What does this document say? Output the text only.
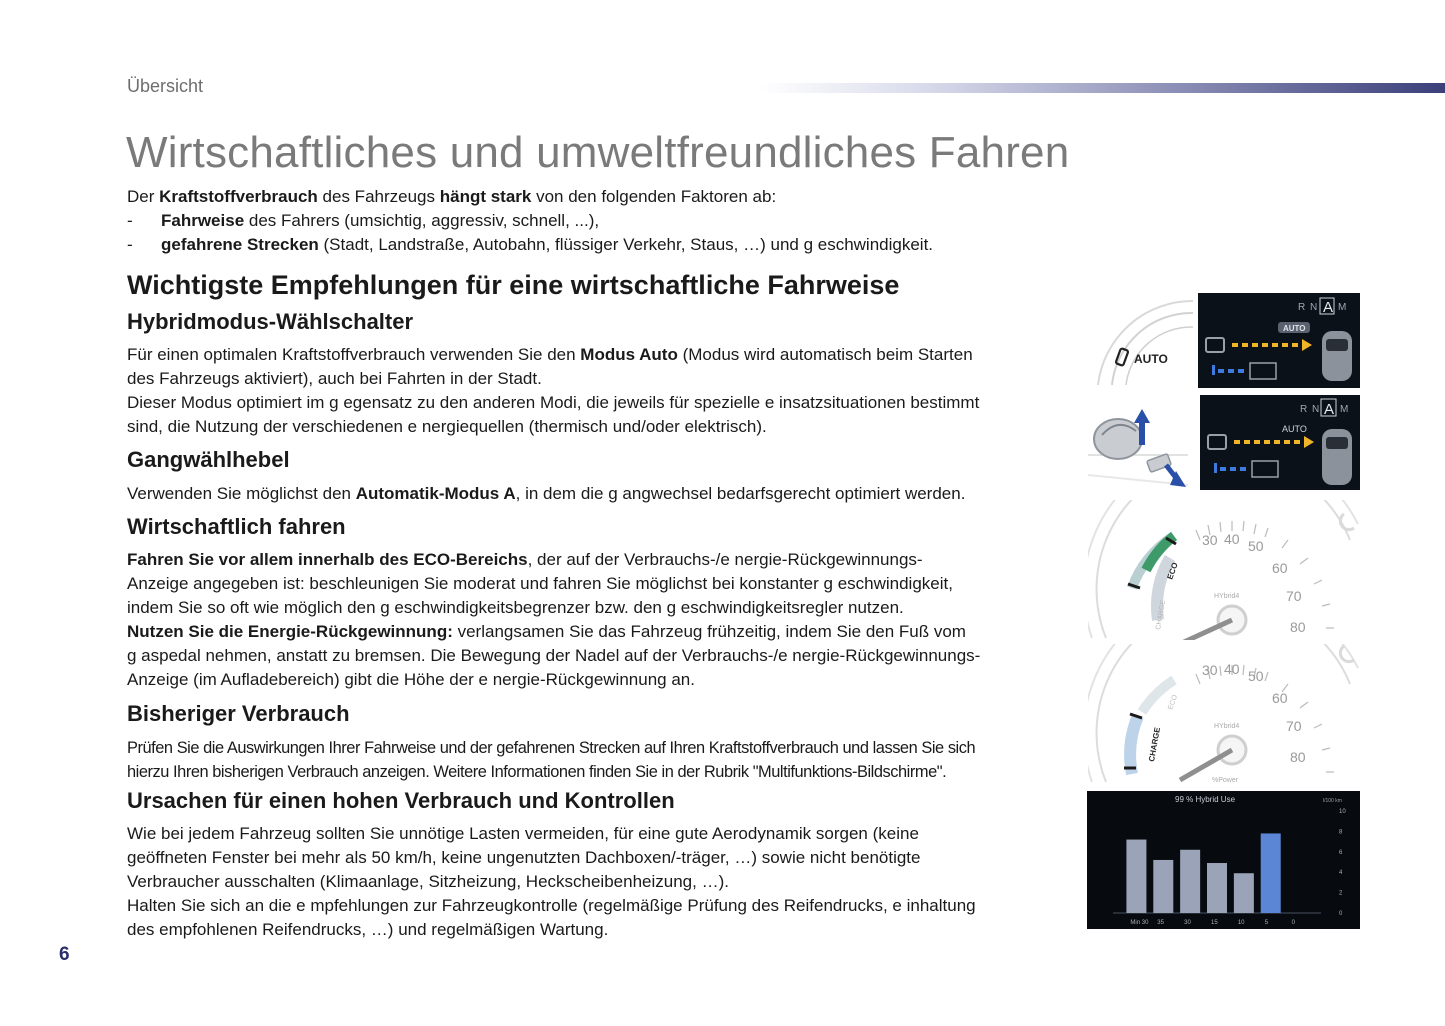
Übersicht
Wirtschaftliches und umweltfreundliches Fahren

Der Kraftstoffverbrauch des Fahrzeugs hängt stark von den folgenden Faktoren ab:

-	Fahrweise des Fahrers (umsichtig, aggressiv, schnell, ...),
-	gefahrene Strecken (Stadt, Landstraße, Autobahn, flüssiger Verkehr, Staus, …) und g eschwindigkeit.
Wichtigste Empfehlungen für eine wirtschaftliche Fahrweise
Hybridmodus-Wählschalter

Für einen optimalen Kraftstoffverbrauch verwenden Sie den Modus Auto (Modus wird automatisch beim Starten

des Fahrzeugs aktiviert), auch bei Fahrten in der Stadt.

Dieser Modus optimiert im g egensatz zu den anderen Modi, die jeweils für spezielle e insatzsituationen bestimmt

sind, die Nutzung der verschiedenen e nergiequellen (thermisch und/oder elektrisch).

Gangwählhebel

Verwenden Sie möglichst den Automatik-Modus A, in dem die g angwechsel bedarfsgerecht optimiert werden.

Wirtschaftlich fahren

Fahren Sie vor allem innerhalb des ECO-Bereichs, der auf der Verbrauchs-/e nergie-Rückgewinnungs-

Anzeige angegeben ist: beschleunigen Sie moderat und fahren Sie möglichst bei konstanter g eschwindigkeit,

indem Sie so oft wie möglich den g eschwindigkeitsbegrenzer bzw. den g eschwindigkeitsregler nutzen.

Nutzen Sie die Energie-Rückgewinnung: verlangsamen Sie das Fahrzeug frühzeitig, indem Sie den Fuß vom

g aspedal nehmen, anstatt zu bremsen. Die Bewegung der Nadel auf der Verbrauchs-/e nergie-Rückgewinnungs-

Anzeige (im Aufladebereich) gibt die Höhe der e nergie-Rückgewinnung an.

Bisheriger Verbrauch

Prüfen Sie die Auswirkungen Ihrer Fahrweise und der gefahrenen Strecken auf Ihren Kraftstoffverbrauch und lassen Sie sich

hierzu Ihren bisherigen Verbrauch anzeigen. Weitere Informationen finden Sie in der Rubrik "Multifunktions-Bildschirme".

Ursachen für einen hohen Verbrauch und Kontrollen

Wie bei jedem Fahrzeug sollten Sie unnötige Lasten vermeiden, für eine gute Aerodynamik sorgen (keine

geöffneten Fenster bei mehr als 50 km/h, keine ungenutzten Dachboxen/-träger, …) sowie nicht benötigte

Verbraucher ausschalten (Klimaanlage, Sitzheizung, Heckscheibenheizung, …).

Halten Sie sich an die e mpfehlungen zur Fahrzeugkontrolle (regelmäßige Prüfung des Reifendrucks, e inhaltung

des empfohlenen Reifendrucks, …) und regelmäßigen Wartung.

6
AUTO
R N A M
AUTO
R N A M
AUTO
30 40 50
60
70
80
ECO
CHARGE
HYbrid4
30 40 50
60
70
80
ECO
CHARGE
HYbrid4
%Power
99 % Hybrid Use	l/100 km
10
8
6
4
2
0
Min 30 35	30	15	10	5	0
